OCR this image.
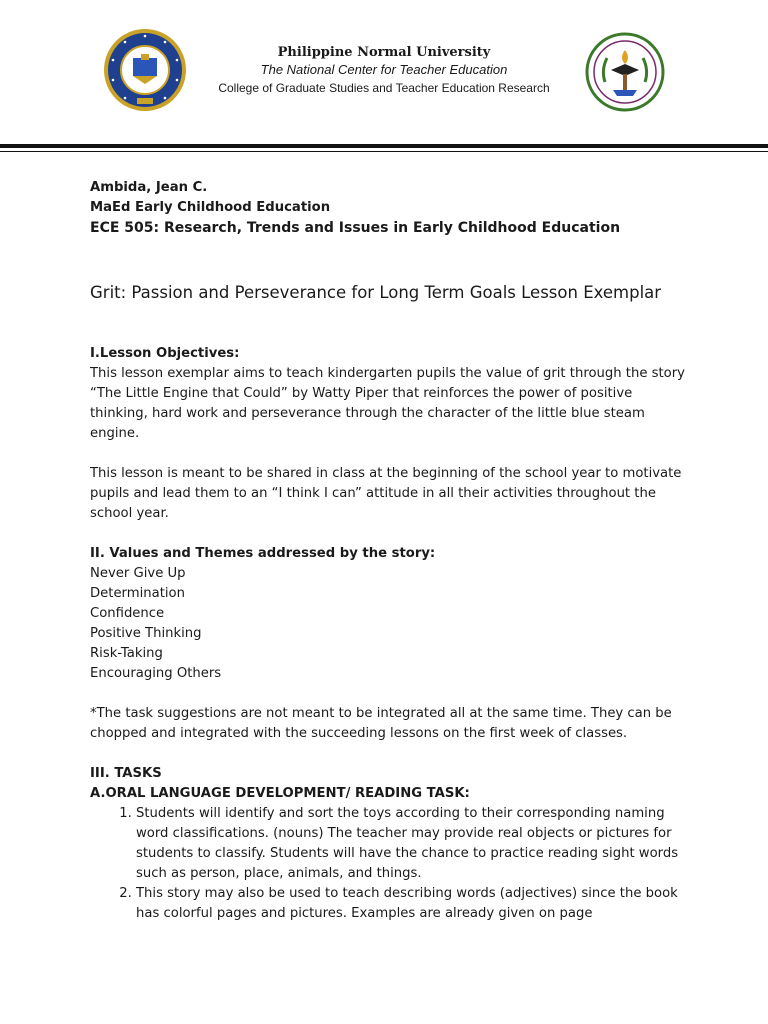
Philippine Normal University
The National Center for Teacher Education
College of Graduate Studies and Teacher Education Research
Ambida, Jean C.
MaEd Early Childhood Education
ECE 505: Research, Trends and Issues in Early Childhood Education
Grit: Passion and Perseverance for Long Term Goals Lesson Exemplar
I.Lesson Objectives:

This lesson exemplar aims to teach kindergarten pupils the value of grit through the story “The Little Engine that Could” by Watty Piper that reinforces the power of positive thinking, hard work and perseverance through the character of the little blue steam engine.

This lesson is meant to be shared in class at the beginning of the school year to motivate pupils and lead them to an “I think I can” attitude in all their activities throughout the school year.

II. Values and Themes addressed by the story:
Never Give Up
Determination
Confidence
Positive Thinking
Risk-Taking
Encouraging Others

*The task suggestions are not meant to be integrated all at the same time. They can be chopped and integrated with the succeeding lessons on the first week of classes.

III. TASKS
A.ORAL LANGUAGE DEVELOPMENT/ READING TASK:
1. Students will identify and sort the toys according to their corresponding naming word classifications. (nouns) The teacher may provide real objects or pictures for students to classify. Students will have the chance to practice reading sight words such as person, place, animals, and things.
2. This story may also be used to teach describing words (adjectives) since the book has colorful pages and pictures. Examples are already given on page
